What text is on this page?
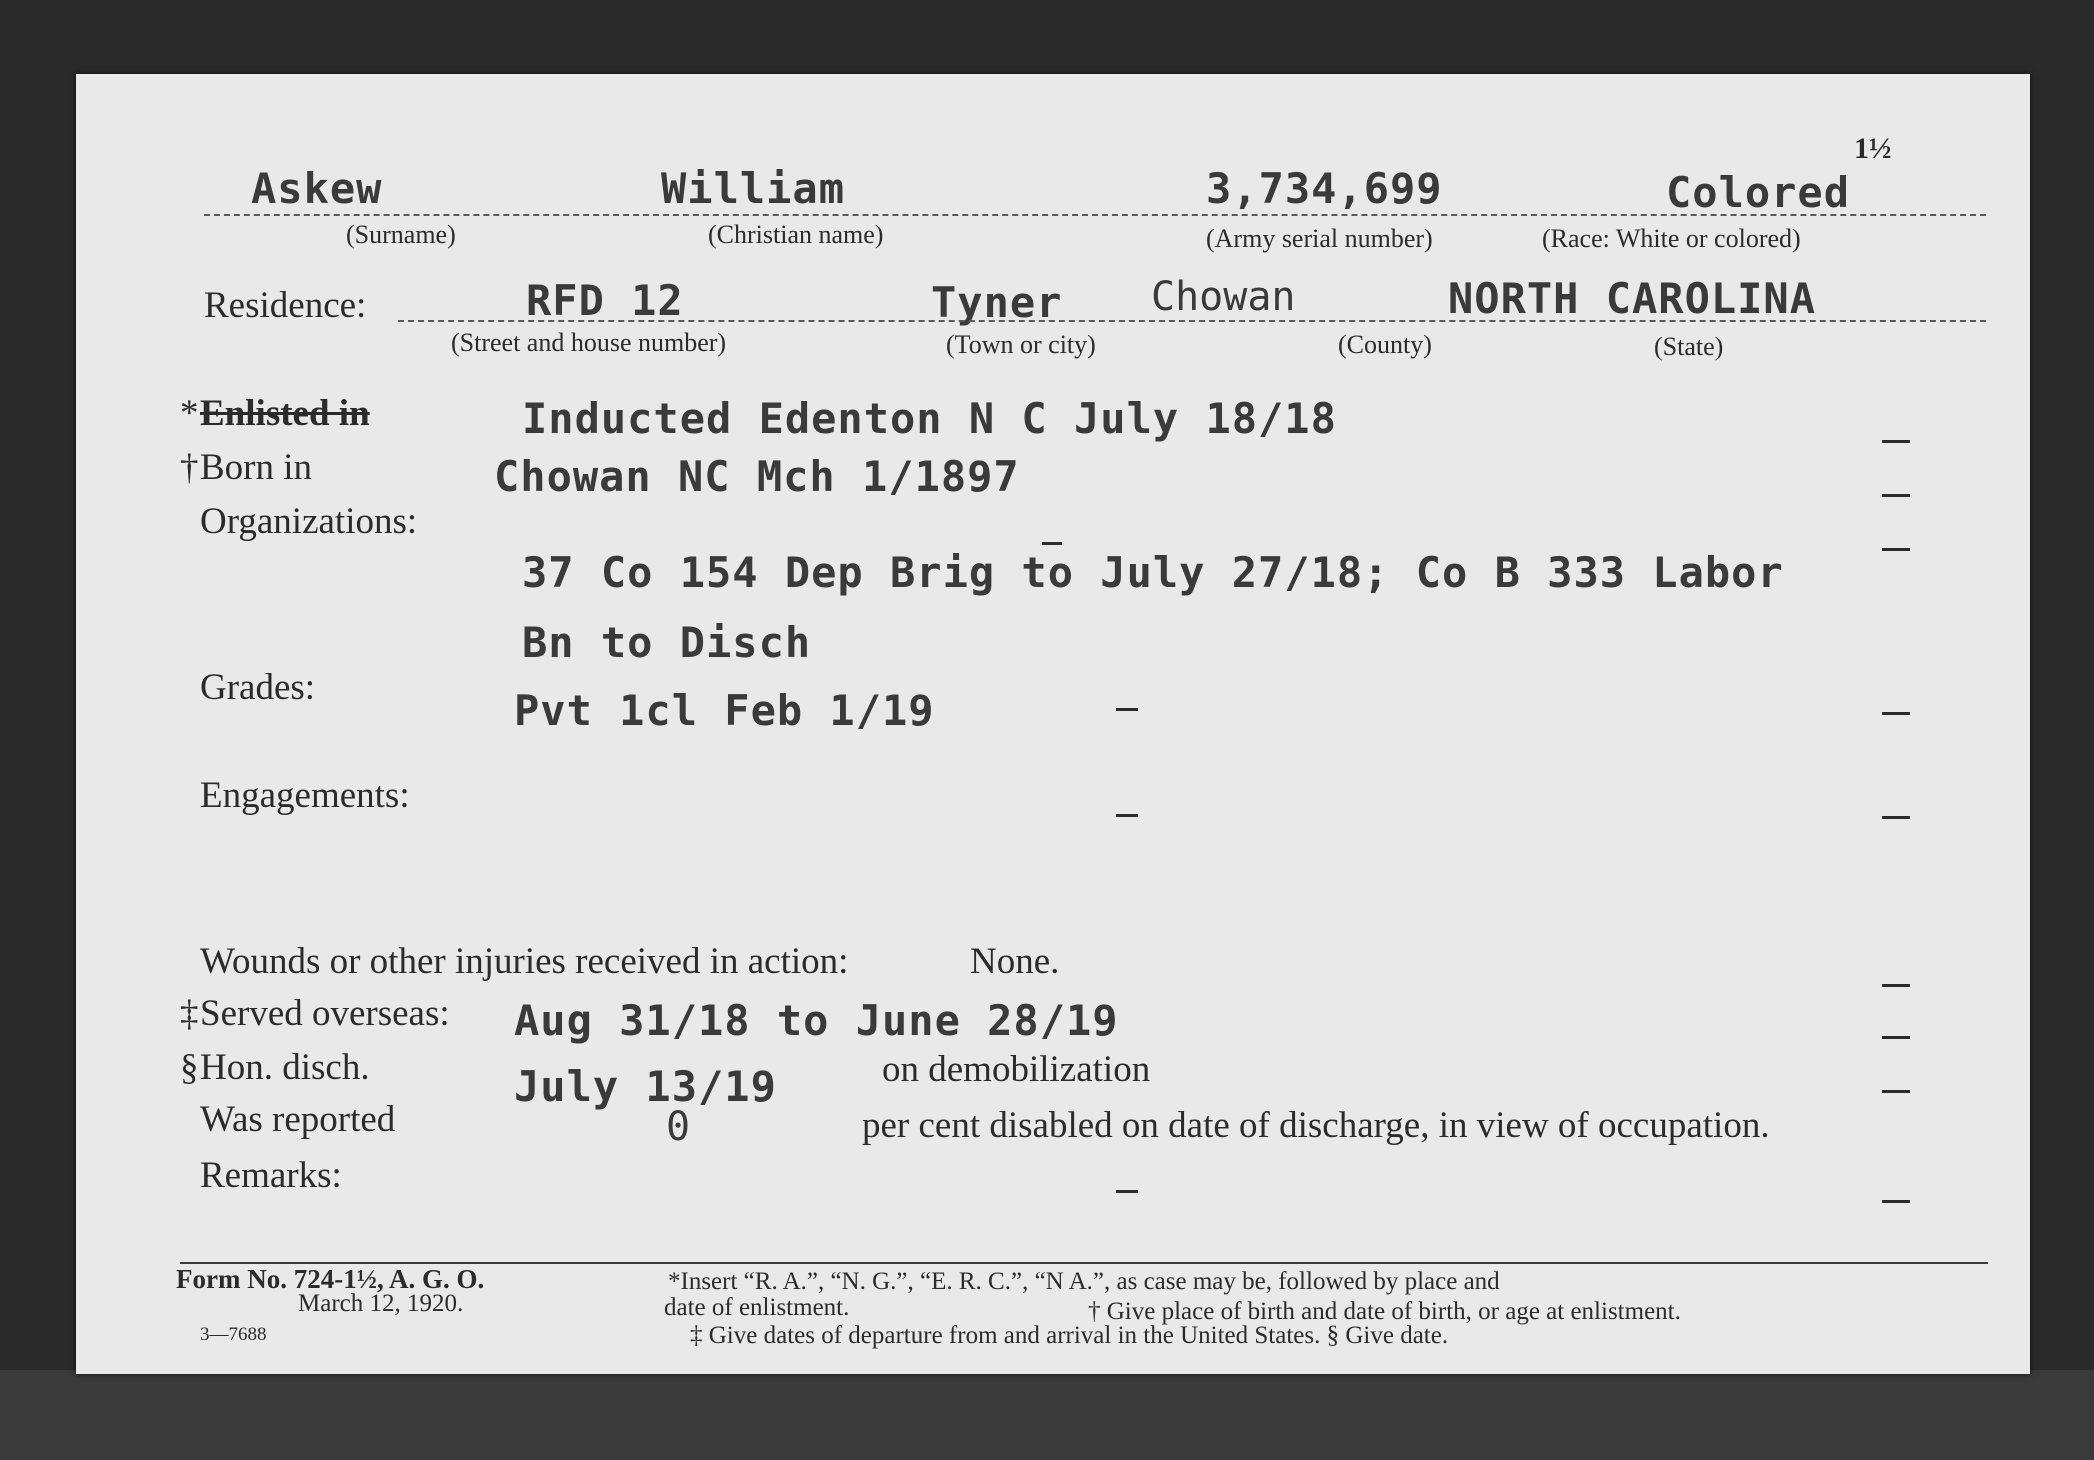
1½
Askew	William	3,734,699	Colored
(Surname)	(Christian name)	(Army serial number)	(Race: White or colored)
Residence:	RFD 12	Tyner Chowan	NORTH CAROLINA
(Street and house number)	(Town or city)	(County)	(State)
* Enlisted in	Inducted Edenton N C July 18/18
† Born in	Chowan NC Mch 1/1897
Organizations:
37 Co 154 Dep Brig to July 27/18; Co B 333 Labor
Bn to Disch
Grades:	Pvt 1cl Feb 1/19
Engagements:
Wounds or other injuries received in action:	None.
‡ Served overseas: Aug 31/18 to June 28/19
§ Hon. disch.	July 13/19	on demobilization
Was reported	0	per cent disabled on date of discharge, in view of occupation.
Remarks:
Form No. 724-1½, A. G. O.
March 12, 1920.
3—7688
*Insert “R. A.”, “N. G.”, “E. R. C.”, “N A.”, as case may be, followed by place and
date of enlistment.	† Give place of birth and date of birth, or age at enlistment.
‡ Give dates of departure from and arrival in the United States. § Give date.
